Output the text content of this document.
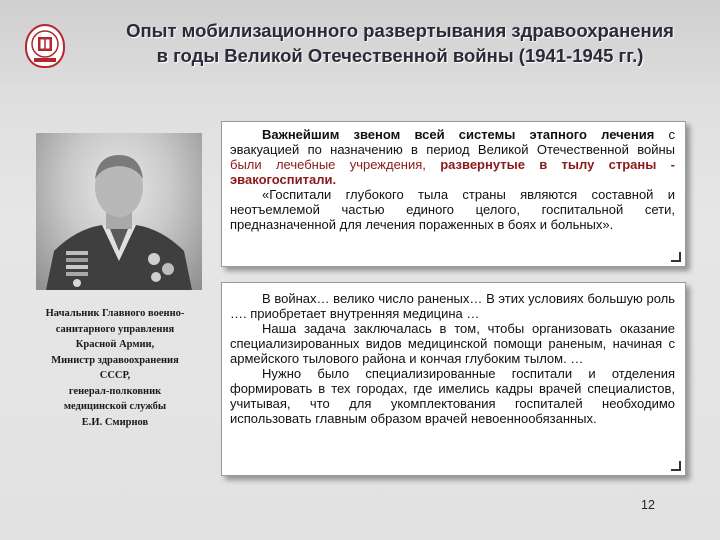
Опыт мобилизационного развертывания здравоохранения
в годы Великой Отечественной войны (1941-1945 гг.)
Начальник Главного военно-
санитарного управления
Красной Армии,
Министр здравоохранения
СССР,
генерал-полковник
медицинской службы
Е.И. Смирнов

Важнейшим звеном всей системы этапного лечения с эвакуацией по назначению в период Великой Отечественной войны были лечебные учреждения, развернутые в тылу страны - эвакогоспитали.

«Госпитали глубокого тыла страны являются составной и неотъемлемой частью единого целого, госпитальной сети, предназначенной для лечения пораженных в боях и больных».

В войнах… велико число раненых… В этих условиях большую роль …. приобретает внутренняя медицина …

Наша задача заключалась в том, чтобы организовать оказание специализированных видов медицинской помощи раненым, начиная с армейского тылового района и кончая глубоким тылом. …

Нужно было специализированные госпитали и отделения формировать в тех городах, где имелись кадры врачей специалистов, учитывая, что для укомплектования госпиталей необходимо использовать главным образом врачей невоеннообязанных.

12
